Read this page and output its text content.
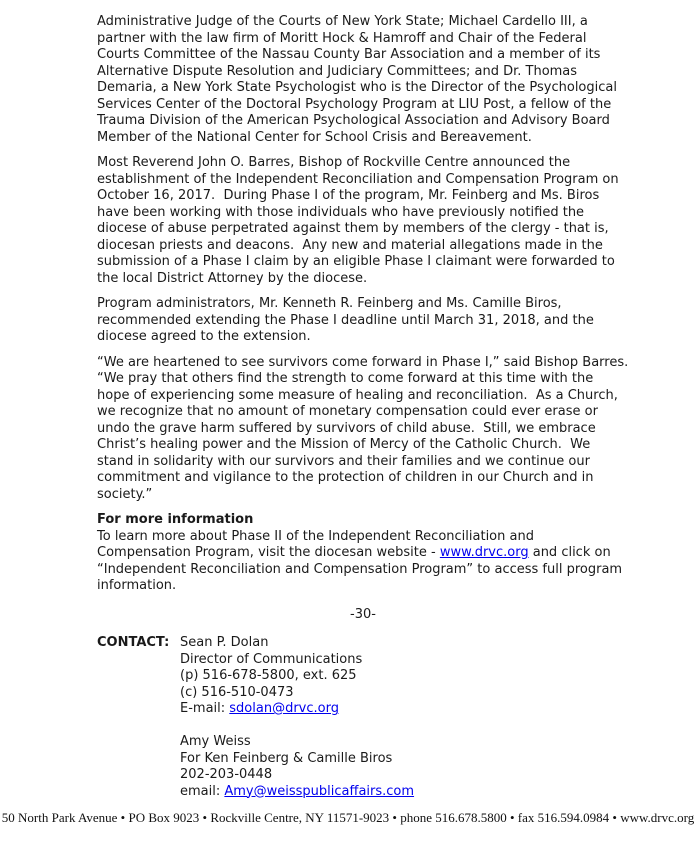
Administrative Judge of the Courts of New York State; Michael Cardello III, a partner with the law firm of Moritt Hock & Hamroff and Chair of the Federal Courts Committee of the Nassau County Bar Association and a member of its Alternative Dispute Resolution and Judiciary Committees; and Dr. Thomas Demaria, a New York State Psychologist who is the Director of the Psychological Services Center of the Doctoral Psychology Program at LIU Post, a fellow of the Trauma Division of the American Psychological Association and Advisory Board Member of the National Center for School Crisis and Bereavement.

Most Reverend John O. Barres, Bishop of Rockville Centre announced the establishment of the Independent Reconciliation and Compensation Program on October 16, 2017.  During Phase I of the program, Mr. Feinberg and Ms. Biros have been working with those individuals who have previously notified the diocese of abuse perpetrated against them by members of the clergy - that is, diocesan priests and deacons.  Any new and material allegations made in the submission of a Phase I claim by an eligible Phase I claimant were forwarded to the local District Attorney by the diocese.

Program administrators, Mr. Kenneth R. Feinberg and Ms. Camille Biros, recommended extending the Phase I deadline until March 31, 2018, and the diocese agreed to the extension.

“We are heartened to see survivors come forward in Phase I,” said Bishop Barres. “We pray that others find the strength to come forward at this time with the hope of experiencing some measure of healing and reconciliation.  As a Church, we recognize that no amount of monetary compensation could ever erase or undo the grave harm suffered by survivors of child abuse.  Still, we embrace Christ’s healing power and the Mission of Mercy of the Catholic Church.  We stand in solidarity with our survivors and their families and we continue our commitment and vigilance to the protection of children in our Church and in society.”

For more information

To learn more about Phase II of the Independent Reconciliation and Compensation Program, visit the diocesan website - www.drvc.org and click on “Independent Reconciliation and Compensation Program” to access full program information.

-30-

CONTACT: Sean P. Dolan
Director of Communications
(p) 516-678-5800, ext. 625
(c) 516-510-0473
E-mail: sdolan@drvc.org
Amy Weiss
For Ken Feinberg & Camille Biros
202-203-0448
email: Amy@weisspublicaffairs.com
50 North Park Avenue • PO Box 9023 • Rockville Centre, NY 11571-9023 • phone 516.678.5800 • fax 516.594.0984 • www.drvc.org
